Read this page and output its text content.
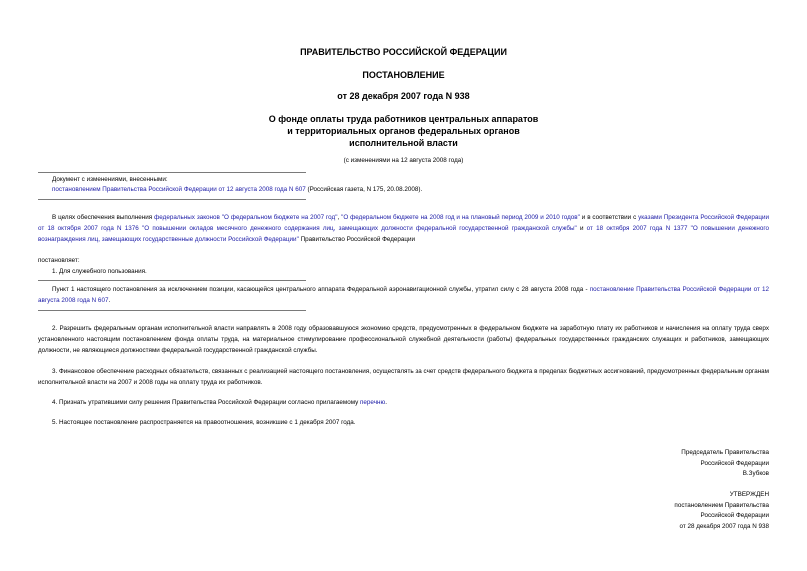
ПРАВИТЕЛЬСТВО РОССИЙСКОЙ ФЕДЕРАЦИИ
ПОСТАНОВЛЕНИЕ
от 28 декабря 2007 года N 938
О фонде оплаты труда работников центральных аппаратов
и территориальных органов федеральных органов
исполнительной власти
(с изменениями на 12 августа 2008 года)
Документ с изменениями, внесенными:
постановлением Правительства Российской Федерации от 12 августа 2008 года N 607 (Российская газета, N 175, 20.08.2008).
В целях обеспечения выполнения федеральных законов "О федеральном бюджете на 2007 год", "О федеральном бюджете на 2008 год и на плановый период 2009 и 2010 годов" и в соответствии с указами Президента Российской Федерации от 18 октября 2007 года N 1376 "О повышении окладов месячного денежного содержания лиц, замещающих должности федеральной государственной гражданской службы" и от 18 октября 2007 года N 1377 "О повышении денежного вознаграждения лиц, замещающих государственные должности Российской Федерации" Правительство Российской Федерации
постановляет:
1. Для служебного пользования.
Пункт 1 настоящего постановления за исключением позиции, касающейся центрального аппарата Федеральной аэронавигационной службы, утратил силу с 28 августа 2008 года - постановление Правительства Российской Федерации от 12 августа 2008 года N 607.
2. Разрешить федеральным органам исполнительной власти направлять в 2008 году образовавшуюся экономию средств, предусмотренных в федеральном бюджете на заработную плату их работников и начисления на оплату труда сверх установленного настоящим постановлением фонда оплаты труда, на материальное стимулирование профессиональной служебной деятельности (работы) федеральных государственных гражданских служащих и работников, замещающих должности, не являющиеся должностями федеральной государственной гражданской службы.
3. Финансовое обеспечение расходных обязательств, связанных с реализацией настоящего постановления, осуществлять за счет средств федерального бюджета в пределах бюджетных ассигнований, предусмотренных федеральным органам исполнительной власти на 2007 и 2008 годы на оплату труда их работников.
4. Признать утратившими силу решения Правительства Российской Федерации согласно прилагаемому перечню.
5. Настоящее постановление распространяется на правоотношения, возникшие с 1 декабря 2007 года.
Председатель Правительства
Российской Федерации
В.Зубков
УТВЕРЖДЕН
постановлением Правительства
Российской Федерации
от 28 декабря 2007 года N 938
